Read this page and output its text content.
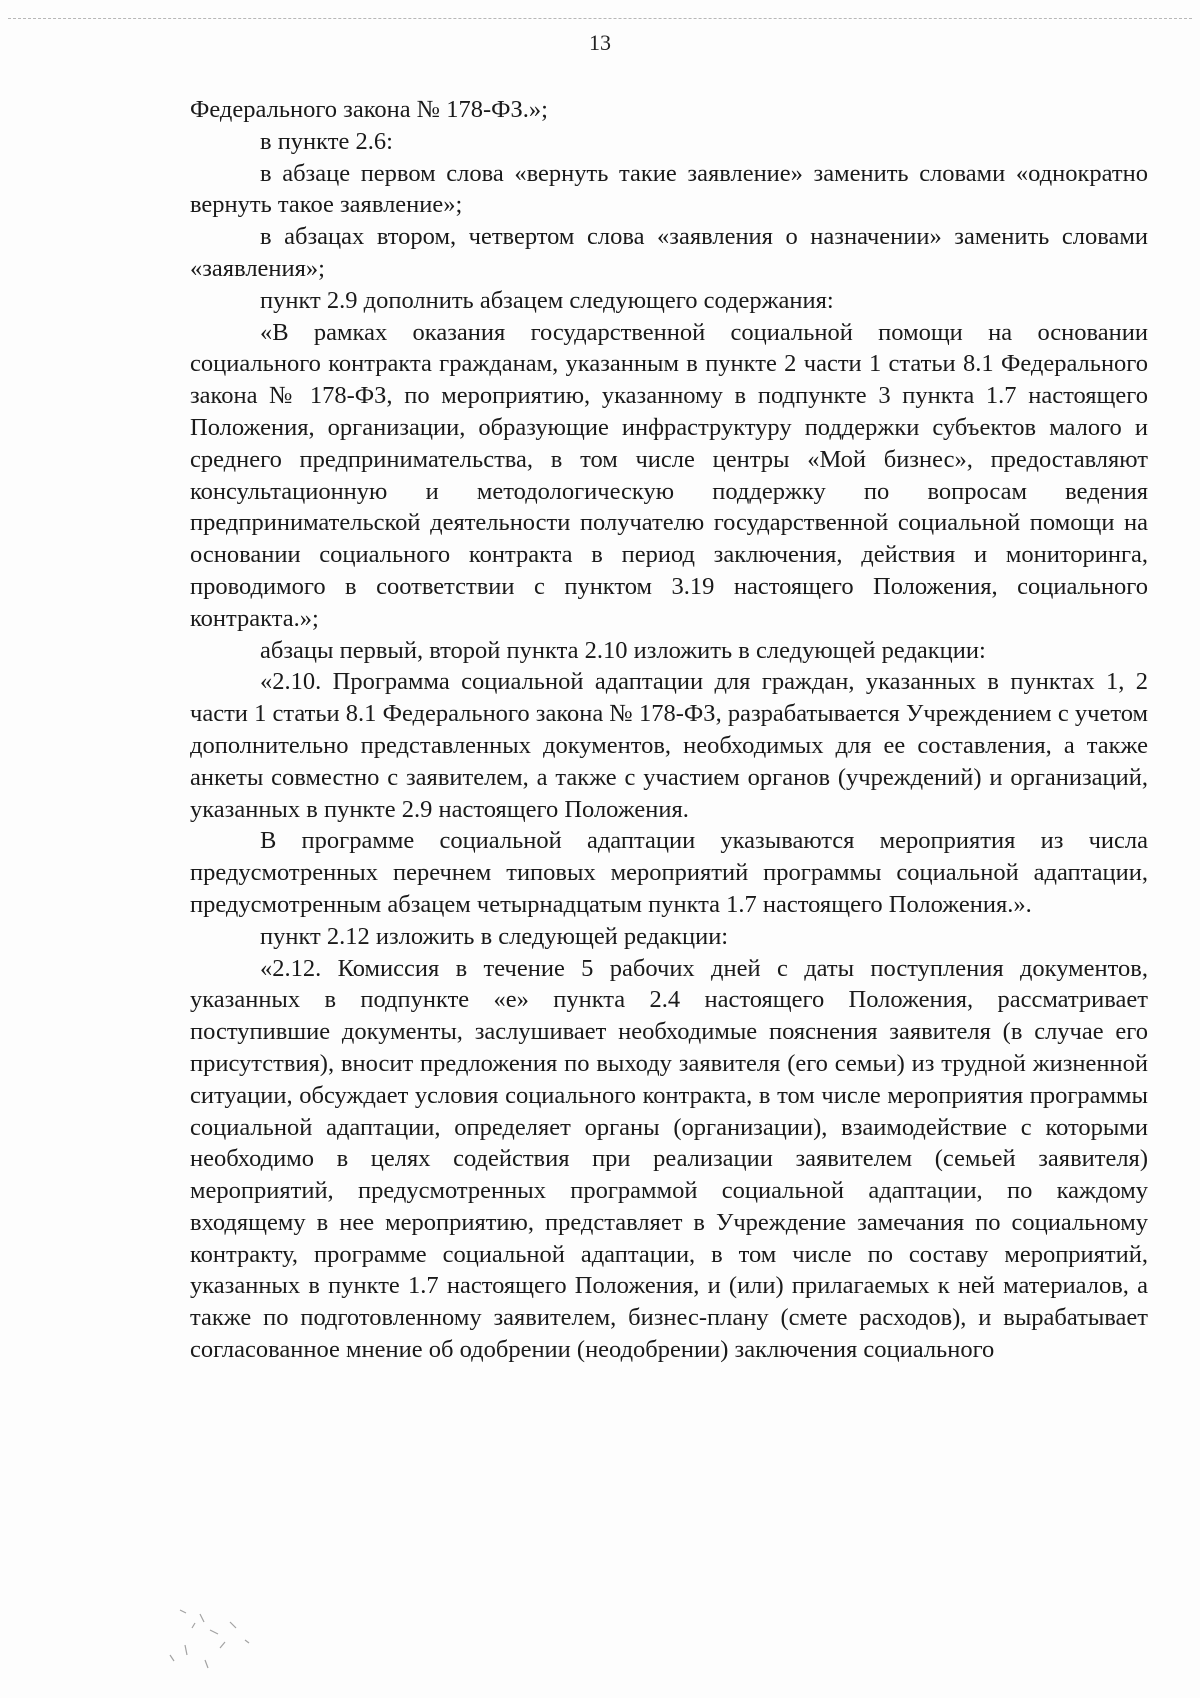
13

Федерального закона № 178-ФЗ.»;

в пункте 2.6:

в абзаце первом слова «вернуть такие заявление» заменить словами «однократно вернуть такое заявление»;

в абзацах втором, четвертом слова «заявления о назначении» заменить словами «заявления»;

пункт 2.9 дополнить абзацем следующего содержания:

«В рамках оказания государственной социальной помощи на основании социального контракта гражданам, указанным в пункте 2 части 1 статьи 8.1 Федерального закона № 178-ФЗ, по мероприятию, указанному в подпункте 3 пункта 1.7 настоящего Положения, организации, образующие инфраструктуру поддержки субъектов малого и среднего предпринимательства, в том числе центры «Мой бизнес», предоставляют консультационную и методологическую поддержку по вопросам ведения предпринимательской деятельности получателю государственной социальной помощи на основании социального контракта в период заключения, действия и мониторинга, проводимого в соответствии с пунктом 3.19 настоящего Положения, социального контракта.»;

абзацы первый, второй пункта 2.10 изложить в следующей редакции:

«2.10. Программа социальной адаптации для граждан, указанных в пунктах 1, 2 части 1 статьи 8.1 Федерального закона № 178-ФЗ, разрабатывается Учреждением с учетом дополнительно представленных документов, необходимых для ее составления, а также анкеты совместно с заявителем, а также с участием органов (учреждений) и организаций, указанных в пункте 2.9 настоящего Положения.

В программе социальной адаптации указываются мероприятия из числа предусмотренных перечнем типовых мероприятий программы социальной адаптации, предусмотренным абзацем четырнадцатым пункта 1.7 настоящего Положения.».

пункт 2.12 изложить в следующей редакции:

«2.12. Комиссия в течение 5 рабочих дней с даты поступления документов, указанных в подпункте «е» пункта 2.4 настоящего Положения, рассматривает поступившие документы, заслушивает необходимые пояснения заявителя (в случае его присутствия), вносит предложения по выходу заявителя (его семьи) из трудной жизненной ситуации, обсуждает условия социального контракта, в том числе мероприятия программы социальной адаптации, определяет органы (организации), взаимодействие с которыми необходимо в целях содействия при реализации заявителем (семьей заявителя) мероприятий, предусмотренных программой социальной адаптации, по каждому входящему в нее мероприятию, представляет в Учреждение замечания по социальному контракту, программе социальной адаптации, в том числе по составу мероприятий, указанных в пункте 1.7 настоящего Положения, и (или) прилагаемых к ней материалов, а также по подготовленному заявителем, бизнес-плану (смете расходов), и вырабатывает согласованное мнение об одобрении (неодобрении) заключения социального
